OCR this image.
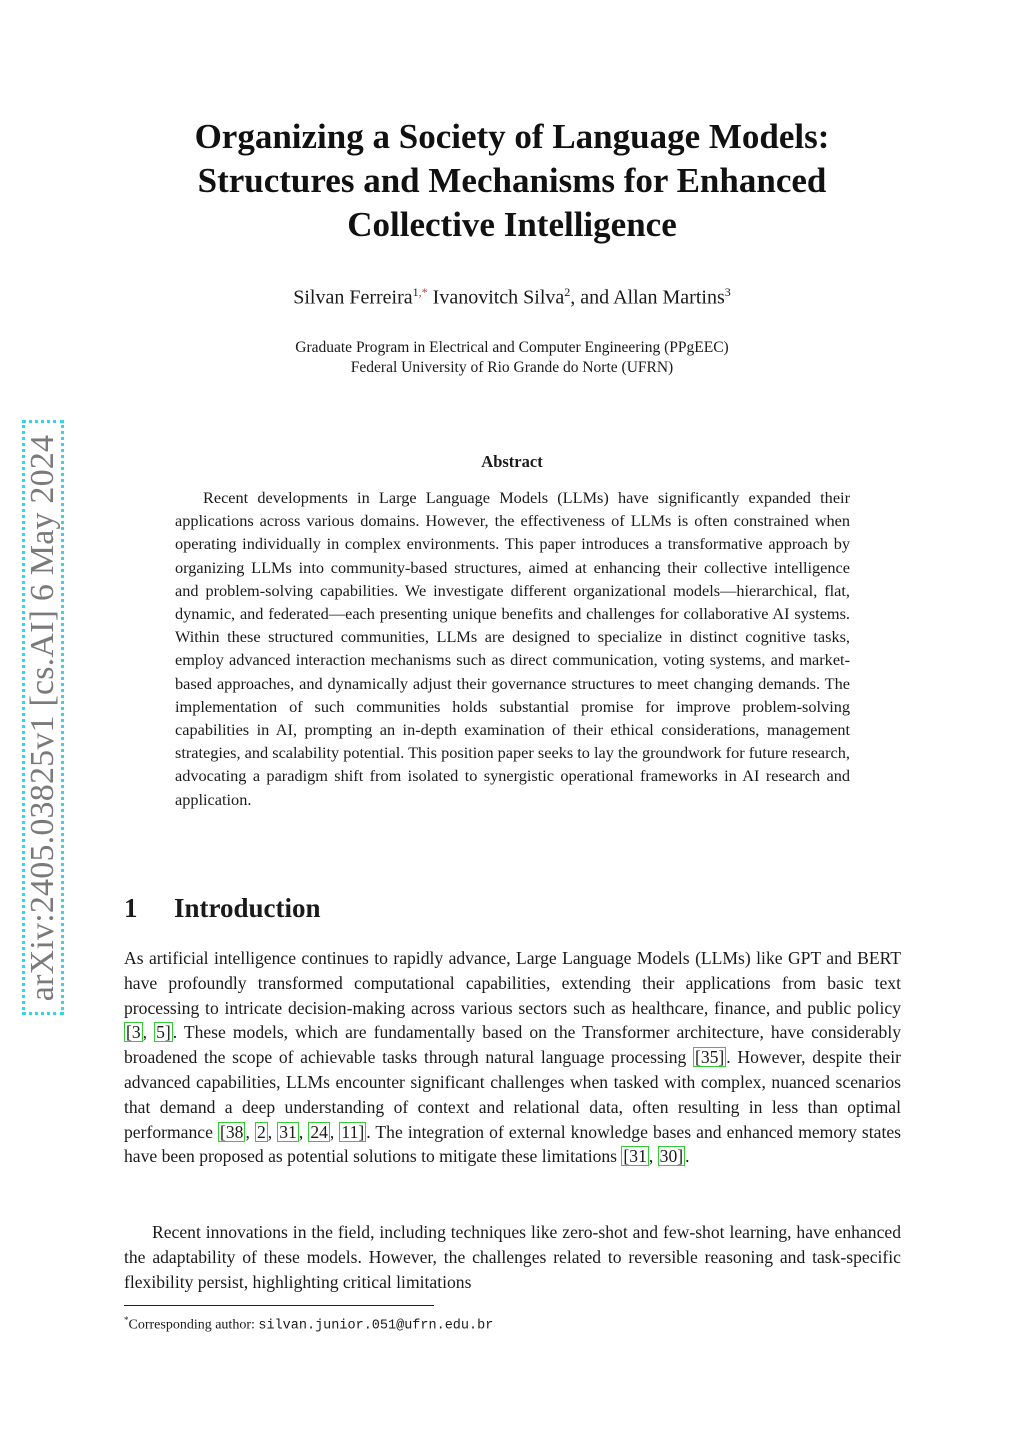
arXiv:2405.03825v1 [cs.AI] 6 May 2024
Organizing a Society of Language Models:
Structures and Mechanisms for Enhanced
Collective Intelligence
Silvan Ferreira$^{1,*}$ Ivanovitch Silva$^2$, and Allan Martins$^3$
Graduate Program in Electrical and Computer Engineering (PPgEEC)
Federal University of Rio Grande do Norte (UFRN)
Abstract
Recent developments in Large Language Models (LLMs) have significantly expanded their applications across various domains. However, the effectiveness of LLMs is often constrained when operating individually in complex environments. This paper introduces a transformative approach by organizing LLMs into community-based structures, aimed at enhancing their collective intelligence and problem-solving capabilities. We investigate different organizational models—hierarchical, flat, dynamic, and federated—each presenting unique benefits and challenges for collaborative AI systems. Within these structured communities, LLMs are designed to specialize in distinct cognitive tasks, employ advanced interaction mechanisms such as direct communication, voting systems, and market-based approaches, and dynamically adjust their governance structures to meet changing demands. The implementation of such communities holds substantial promise for improve problem-solving capabilities in AI, prompting an in-depth examination of their ethical considerations, management strategies, and scalability potential. This position paper seeks to lay the groundwork for future research, advocating a paradigm shift from isolated to synergistic operational frameworks in AI research and application.
1 Introduction
As artificial intelligence continues to rapidly advance, Large Language Models (LLMs) like GPT and BERT have profoundly transformed computational capabilities, extending their applications from basic text processing to intricate decision-making across various sectors such as healthcare, finance, and public policy [3 , 5] . These models, which are fundamentally based on the Transformer architecture, have considerably broadened the scope of achievable tasks through natural language processing [35] . However, despite their advanced capabilities, LLMs encounter significant challenges when tasked with complex, nuanced scenarios that demand a deep understanding of context and relational data, often resulting in less than optimal performance [38 , 2 , 31 , 24 , 11] . The integration of external knowledge bases and enhanced memory states have been proposed as potential solutions to mitigate these limitations [31 , 30] .
Recent innovations in the field, including techniques like zero-shot and few-shot learning, have enhanced the adaptability of these models. However, the challenges related to reversible reasoning and task-specific flexibility persist, highlighting critical limitations
*Corresponding author: silvan.junior.051@ufrn.edu.br
